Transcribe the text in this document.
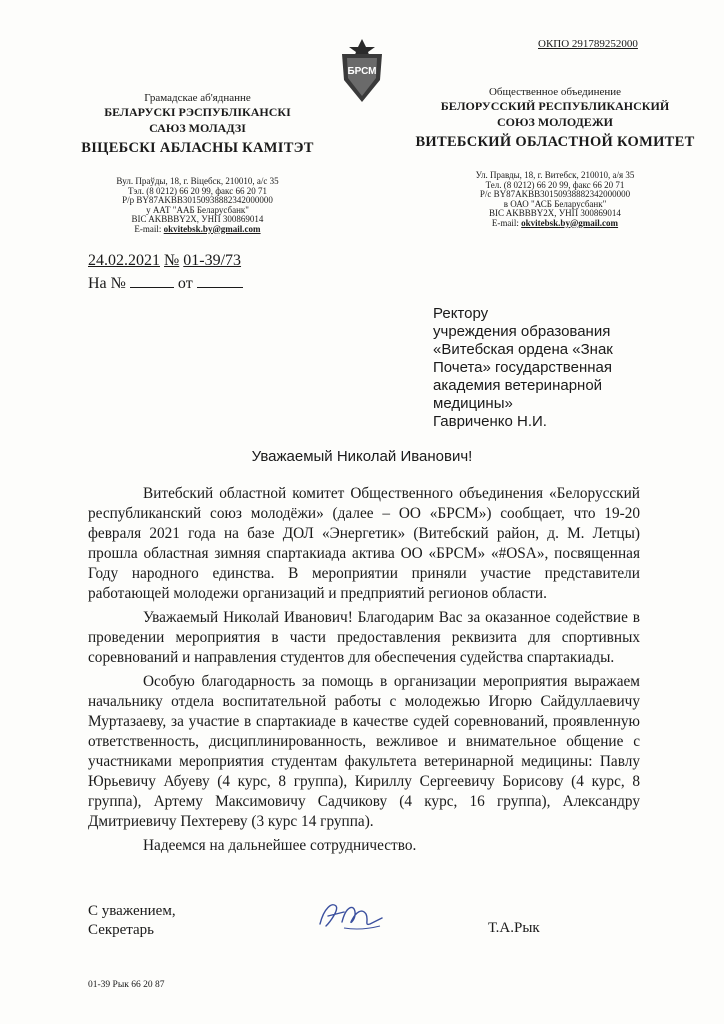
ОКПО 291789252000
БРСМ
Грамадскае аб'яднанне
БЕЛАРУСКІ РЭСПУБЛІКАНСКІ
САЮЗ МОЛАДЗІ
ВІЦЕБСКІ АБЛАСНЫ КАМІТЭТ
Вул. Праўды, 18, г. Віцебск, 210010, а/с 35
Тэл. (8 0212) 66 20 99, факс 66 20 71
Р/р BY87AKBB30150938882342000000
у ААТ "ААБ Беларусбанк"
BIC AKBBBY2X, УНП 300869014
E-mail: okvitebsk.by@gmail.com
Общественное объединение
БЕЛОРУССКИЙ РЕСПУБЛИКАНСКИЙ
СОЮЗ МОЛОДЕЖИ
ВИТЕБСКИЙ ОБЛАСТНОЙ КОМИТЕТ
Ул. Правды, 18, г. Витебск, 210010, а/я 35
Тел. (8 0212) 66 20 99, факс 66 20 71
Р/с BY87AKBB30150938882342000000
в ОАО "АСБ Беларусбанк"
BIC AKBBBY2X, УНП 300869014
E-mail: okvitebsk.by@gmail.com
24.02.2021 № 01-39/73
На №	от
Ректору
учреждения образования
«Витебская ордена «Знак
Почета» государственная
академия ветеринарной
медицины»
Гавриченко Н.И.
Уважаемый Николай Иванович!

Витебский областной комитет Общественного объединения «Белорусский республиканский союз молодёжи» (далее – ОО «БРСМ») сообщает, что 19-20 февраля 2021 года на базе ДОЛ «Энергетик» (Витебский район, д. М. Летцы) прошла областная зимняя спартакиада актива ОО «БРСМ» «#OSA», посвященная Году народного единства. В мероприятии приняли участие представители работающей молодежи организаций и предприятий регионов области.

Уважаемый Николай Иванович! Благодарим Вас за оказанное содействие в проведении мероприятия в части предоставления реквизита для спортивных соревнований и направления студентов для обеспечения судейства спартакиады.

Особую благодарность за помощь в организации мероприятия выражаем начальнику отдела воспитательной работы с молодежью Игорю Сайдуллаевичу Муртазаеву, за участие в спартакиаде в качестве судей соревнований, проявленную ответственность, дисциплинированность, вежливое и внимательное общение с участниками мероприятия студентам факультета ветеринарной медицины: Павлу Юрьевичу Абуеву (4 курс, 8 группа), Кириллу Сергеевичу Борисову (4 курс, 8 группа), Артему Максимовичу Садчикову (4 курс, 16 группа), Александру Дмитриевичу Пехтереву (3 курс 14 группа).

Надеемся на дальнейшее сотрудничество.

С уважением,
Секретарь	Т.А.Рык
01-39 Рык 66 20 87
